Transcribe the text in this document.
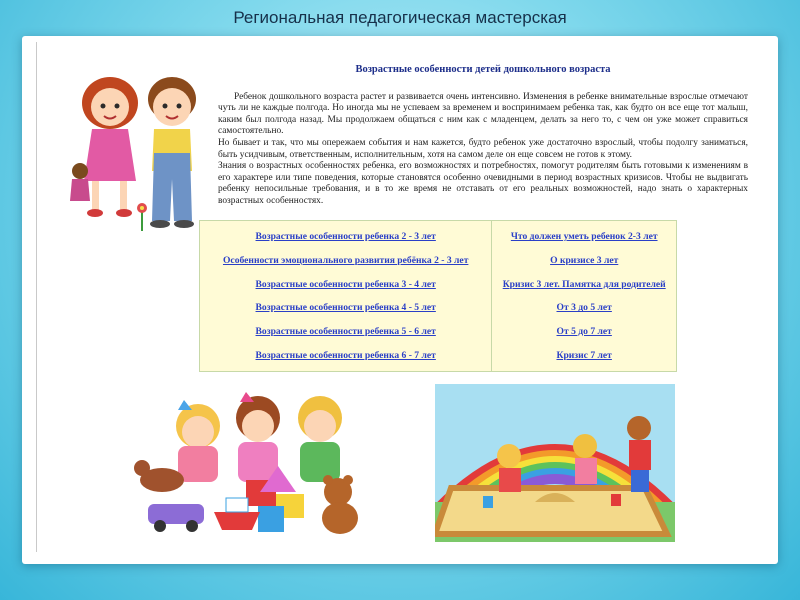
Региональная педагогическая мастерская
Возрастные особенности детей дошкольного возраста

Ребенок дошкольного возраста растет и развивается очень интенсивно. Изменения в ребенке внимательные взрослые отмечают чуть ли не каждые полгода. Но иногда мы не успеваем за временем и воспринимаем ребенка так, как будто он все еще тот малыш, каким был полгода назад. Мы продолжаем общаться с ним как с младенцем, делать за него то, с чем он уже может справиться самостоятельно.

Но бывает и так, что мы опережаем события и нам кажется, будто ребенок уже достаточно взрослый, чтобы подолгу заниматься, быть усидчивым, ответственным, исполнительным, хотя на самом деле он еще совсем не готов к этому.

Знания о возрастных особенностях ребенка, его возможностях и потребностях, помогут родителям быть готовыми к изменениям в его характере или типе поведения, которые становятся особенно очевидными в период возрастных кризисов. Чтобы не выдвигать ребенку непосильные требования, и в то же время не отставать от его реальных возможностей, надо знать о характерных возрастных особенностях.

Возрастные особенности ребенка 2 - 3 лет
Особенности эмоционального развития ребёнка 2 - 3 лет
Возрастные особенности ребенка 3 - 4 лет
Возрастные особенности ребенка 4 - 5 лет
Возрастные особенности ребенка 5 - 6 лет
Возрастные особенности ребенка 6 - 7 лет
Что должен уметь ребенок 2-3 лет
О кризисе 3 лет
Кризис 3 лет. Памятка для родителей
От 3 до 5 лет
От 5 до 7 лет
Кризис 7 лет
